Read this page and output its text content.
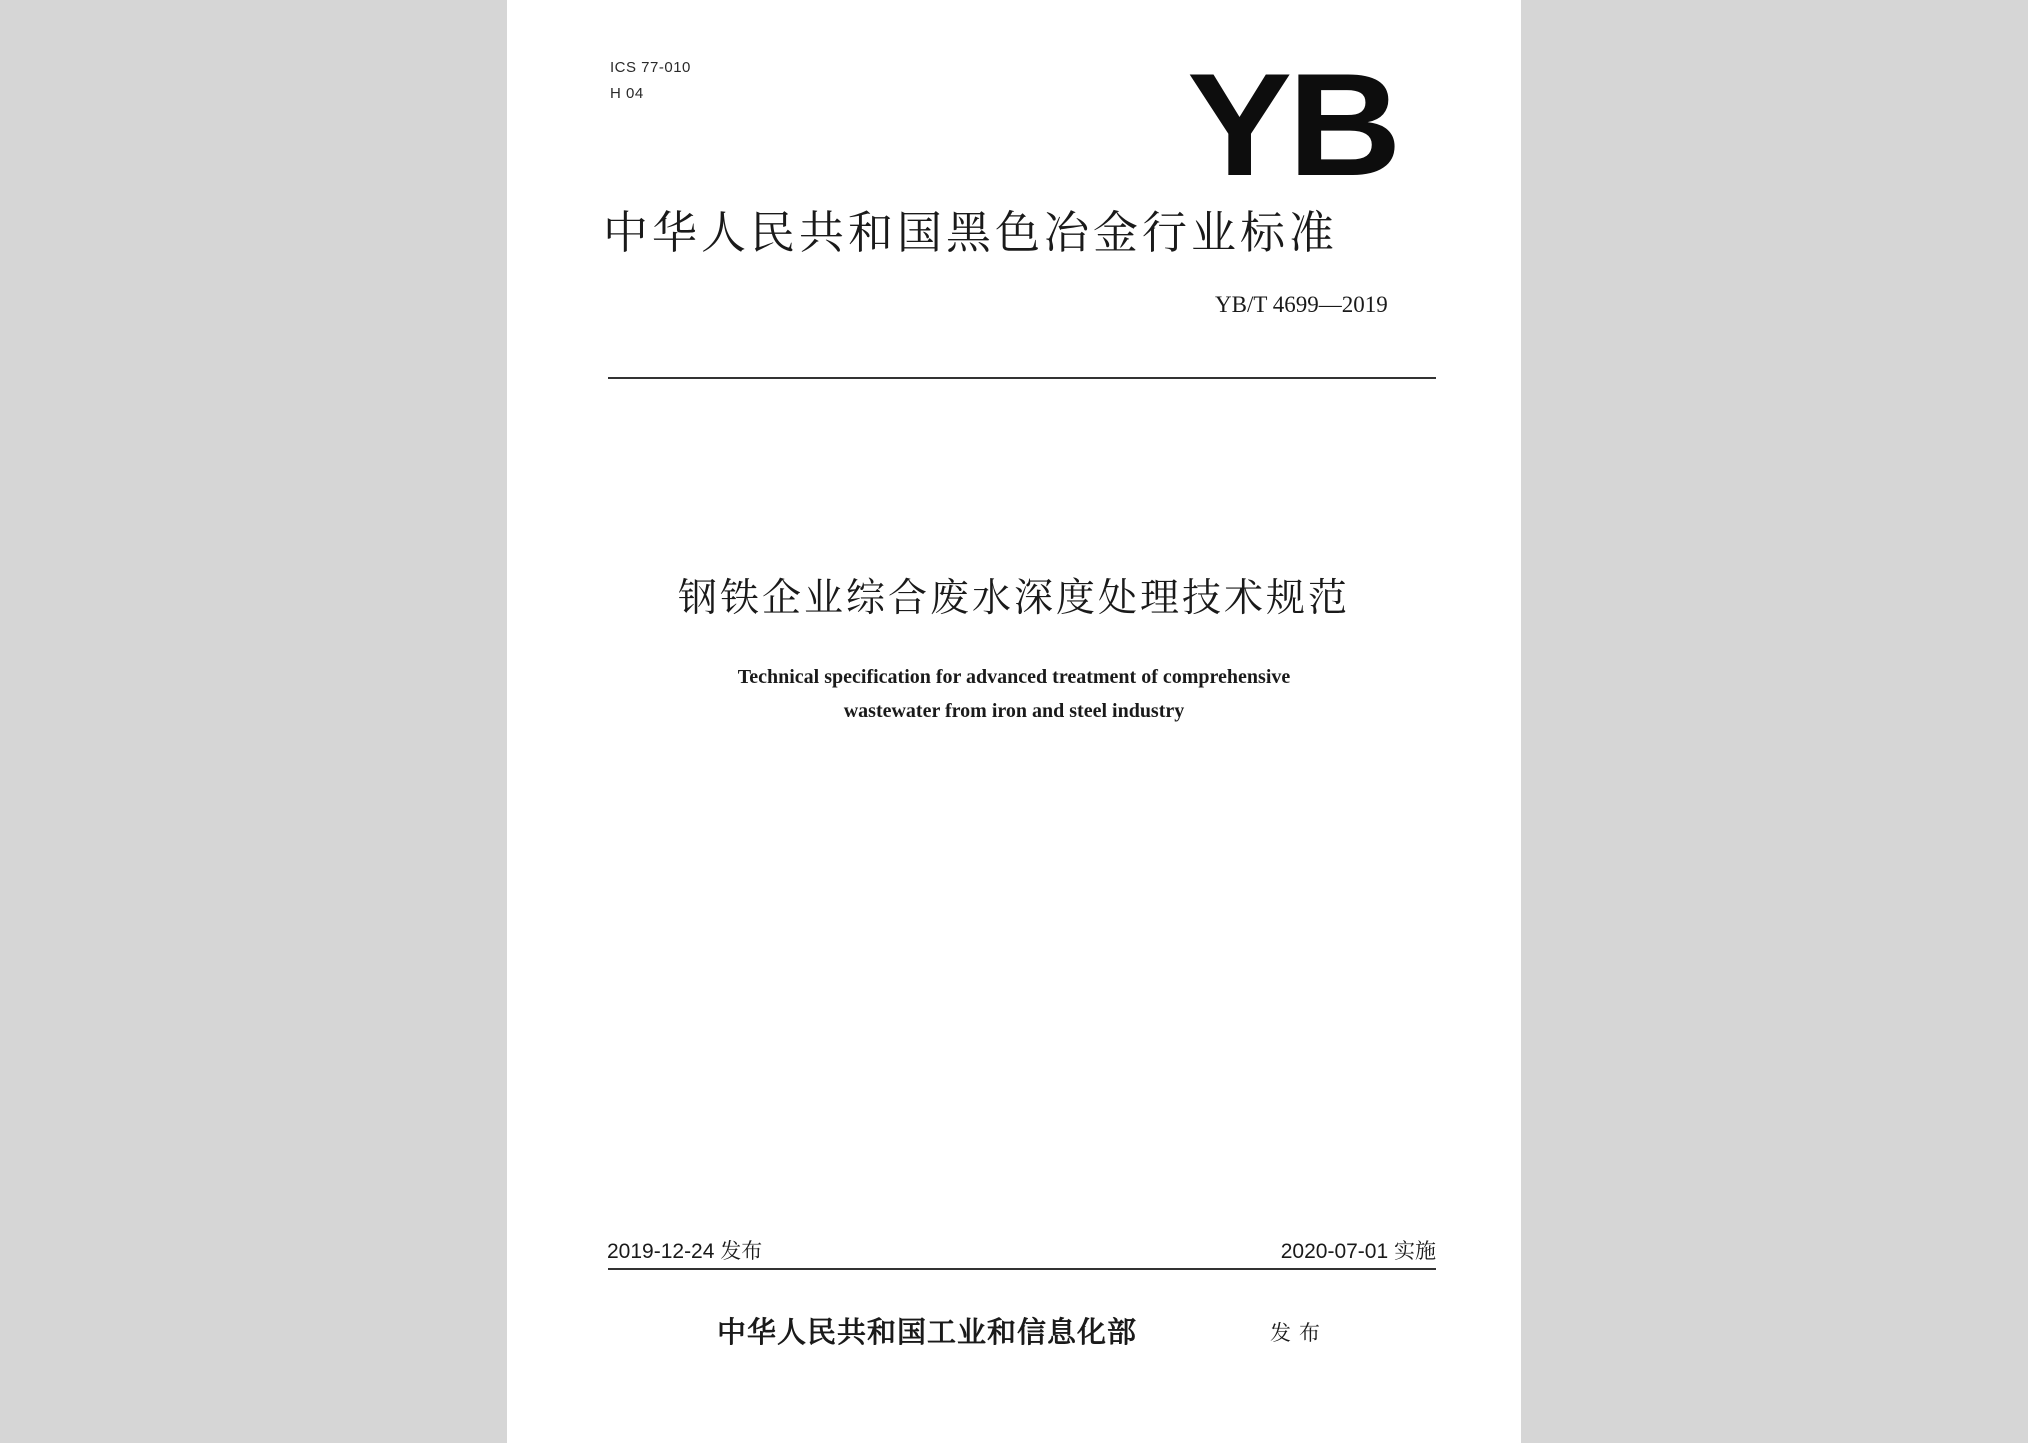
ICS 77-010
H 04	YB
中华人民共和国黑色冶金行业标准
YB/T 4699—2019
钢铁企业综合废水深度处理技术规范
Technical specification for advanced treatment of comprehensive
wastewater from iron and steel industry
2019-12-24 发布	2020-07-01 实施
中华人民共和国工业和信息化部	发布
